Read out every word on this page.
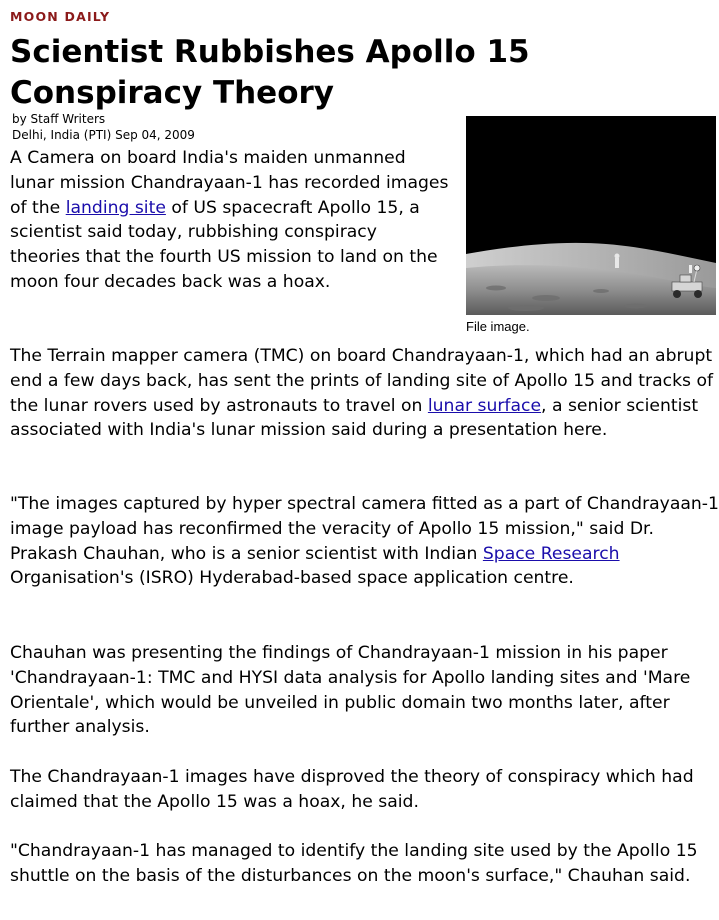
MOON DAILY
Scientist Rubbishes Apollo 15 Conspiracy Theory
by Staff Writers
Delhi, India (PTI) Sep 04, 2009
File image.

A Camera on board India's maiden unmanned lunar mission Chandrayaan-1 has recorded images of the landing site of US spacecraft Apollo 15, a scientist said today, rubbishing conspiracy theories that the fourth US mission to land on the moon four decades back was a hoax.

The Terrain mapper camera (TMC) on board Chandrayaan-1, which had an abrupt end a few days back, has sent the prints of landing site of Apollo 15 and tracks of the lunar rovers used by astronauts to travel on lunar surface, a senior scientist associated with India's lunar mission said during a presentation here.

"The images captured by hyper spectral camera fitted as a part of Chandrayaan-1 image payload has reconfirmed the veracity of Apollo 15 mission," said Dr. Prakash Chauhan, who is a senior scientist with Indian Space Research Organisation's (ISRO) Hyderabad-based space application centre.

Chauhan was presenting the findings of Chandrayaan-1 mission in his paper 'Chandrayaan-1: TMC and HYSI data analysis for Apollo landing sites and 'Mare Orientale', which would be unveiled in public domain two months later, after further analysis.

The Chandrayaan-1 images have disproved the theory of conspiracy which had claimed that the Apollo 15 was a hoax, he said.

"Chandrayaan-1 has managed to identify the landing site used by the Apollo 15 shuttle on the basis of the disturbances on the moon's surface," Chauhan said.
